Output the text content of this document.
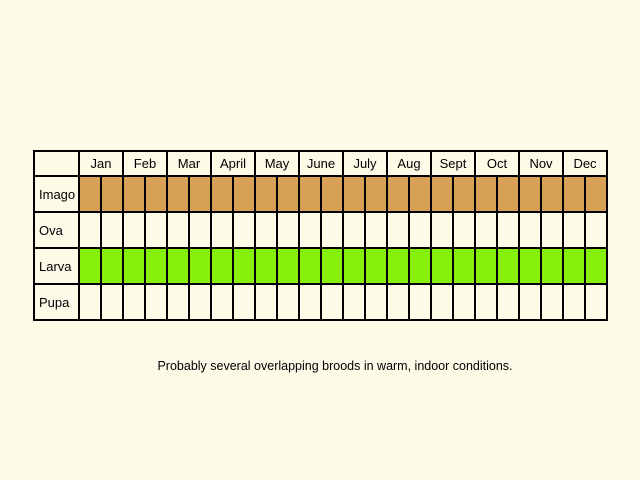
	Jan		Feb		Mar		April		May		June		July		Aug		Sept		Oct		Nov		Dec	
Imago																								
Ova																								
Larva																								
Pupa																								
Probably several overlapping broods in warm, indoor conditions.
